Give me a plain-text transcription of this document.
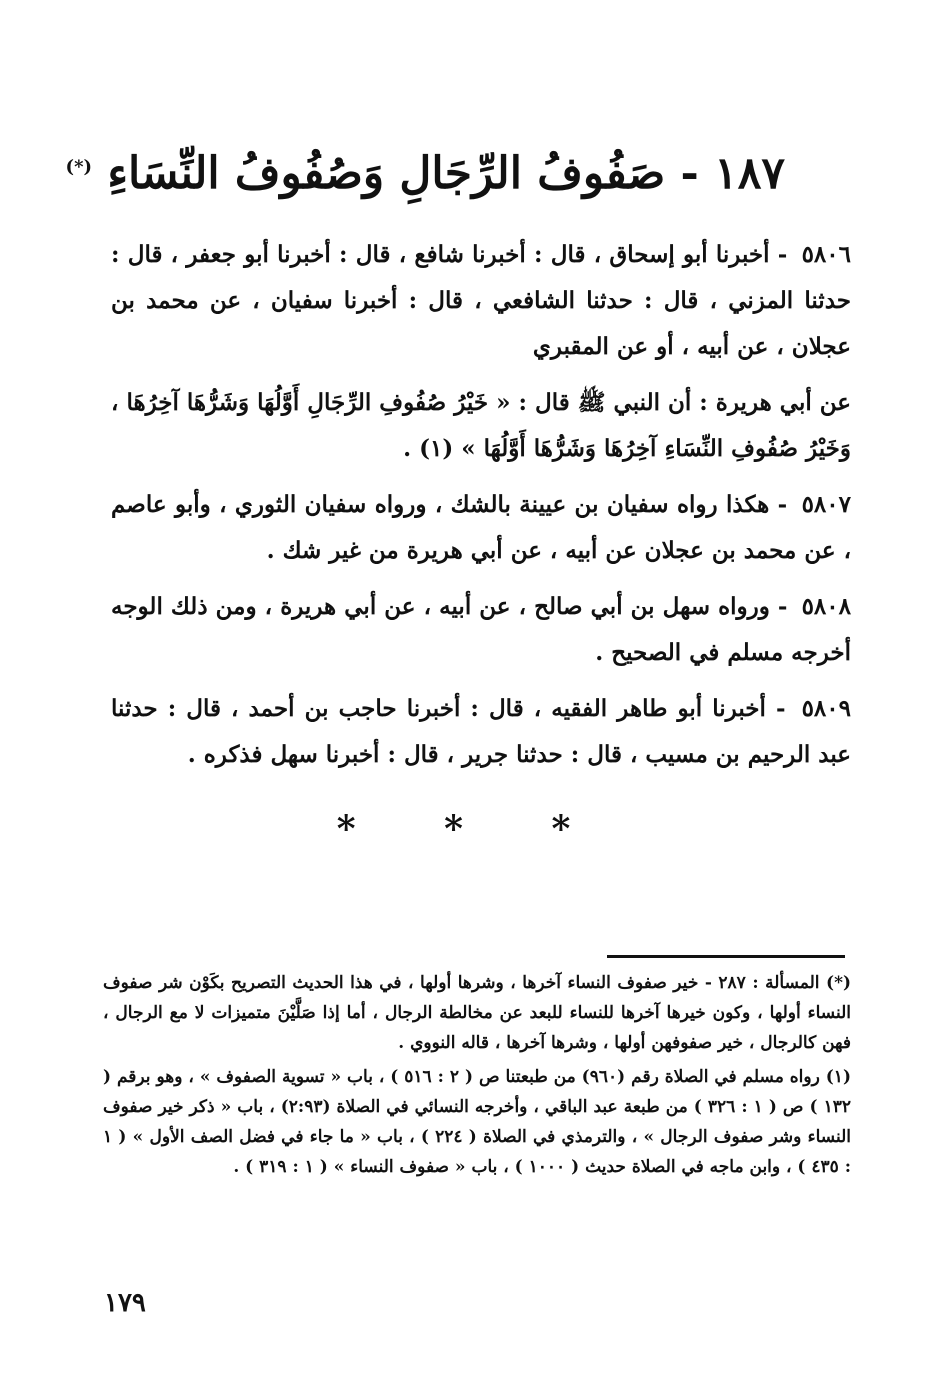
١٨٧ - صَفُوفُ الرِّجَالِ وَصُفُوفُ النِّسَاءِ (*)

٥٨٠٦ - أخبرنا أبو إسحاق ، قال : أخبرنا شافع ، قال : أخبرنا أبو جعفر ، قال : حدثنا المزني ، قال : حدثنا الشافعي ، قال : أخبرنا سفيان ، عن محمد بن عجلان ، عن أبيه ، أو عن المقبري

عن أبي هريرة : أن النبي ﷺ قال : « خَيْرُ صُفُوفِ الرِّجَالِ أَوَّلُهَا وَشَرُّهَا آخِرُهَا ، وَخَيْرُ صُفُوفِ النِّسَاءِ آخِرُهَا وَشَرُّهَا أَوَّلُهَا » (١) .

٥٨٠٧ - هكذا رواه سفيان بن عيينة بالشك ، ورواه سفيان الثوري ، وأبو عاصم ، عن محمد بن عجلان عن أبيه ، عن أبي هريرة من غير شك .

٥٨٠٨ - ورواه سهل بن أبي صالح ، عن أبيه ، عن أبي هريرة ، ومن ذلك الوجه أخرجه مسلم في الصحيح .

٥٨٠٩ - أخبرنا أبو طاهر الفقيه ، قال : أخبرنا حاجب بن أحمد ، قال : حدثنا عبد الرحيم بن مسيب ، قال : حدثنا جرير ، قال : أخبرنا سهل فذكره .

* * *

(*) المسألة : ٢٨٧ - خير صفوف النساء آخرها ، وشرها أولها ، في هذا الحديث التصريح بكَوْن شر صفوف النساء أولها ، وكون خيرها آخرها للنساء للبعد عن مخالطة الرجال ، أما إذا صَلَّيْنَ متميزات لا مع الرجال ، فهن كالرجال ، خير صفوفهن أولها ، وشرها آخرها ، قاله النووي .

(١) رواه مسلم في الصلاة رقم (٩٦٠) من طبعتنا ص ( ٢ : ٥١٦ ) ، باب « تسوية الصفوف » ، وهو برقم ( ١٣٢ ) ص ( ١ : ٣٢٦ ) من طبعة عبد الباقي ، وأخرجه النسائي في الصلاة (٢:٩٣) ، باب « ذكر خير صفوف النساء وشر صفوف الرجال » ، والترمذي في الصلاة ( ٢٢٤ ) ، باب « ما جاء في فضل الصف الأول » ( ١ : ٤٣٥ ) ، وابن ماجه في الصلاة حديث ( ١٠٠٠ ) ، باب « صفوف النساء » ( ١ : ٣١٩ ) .

١٧٩
